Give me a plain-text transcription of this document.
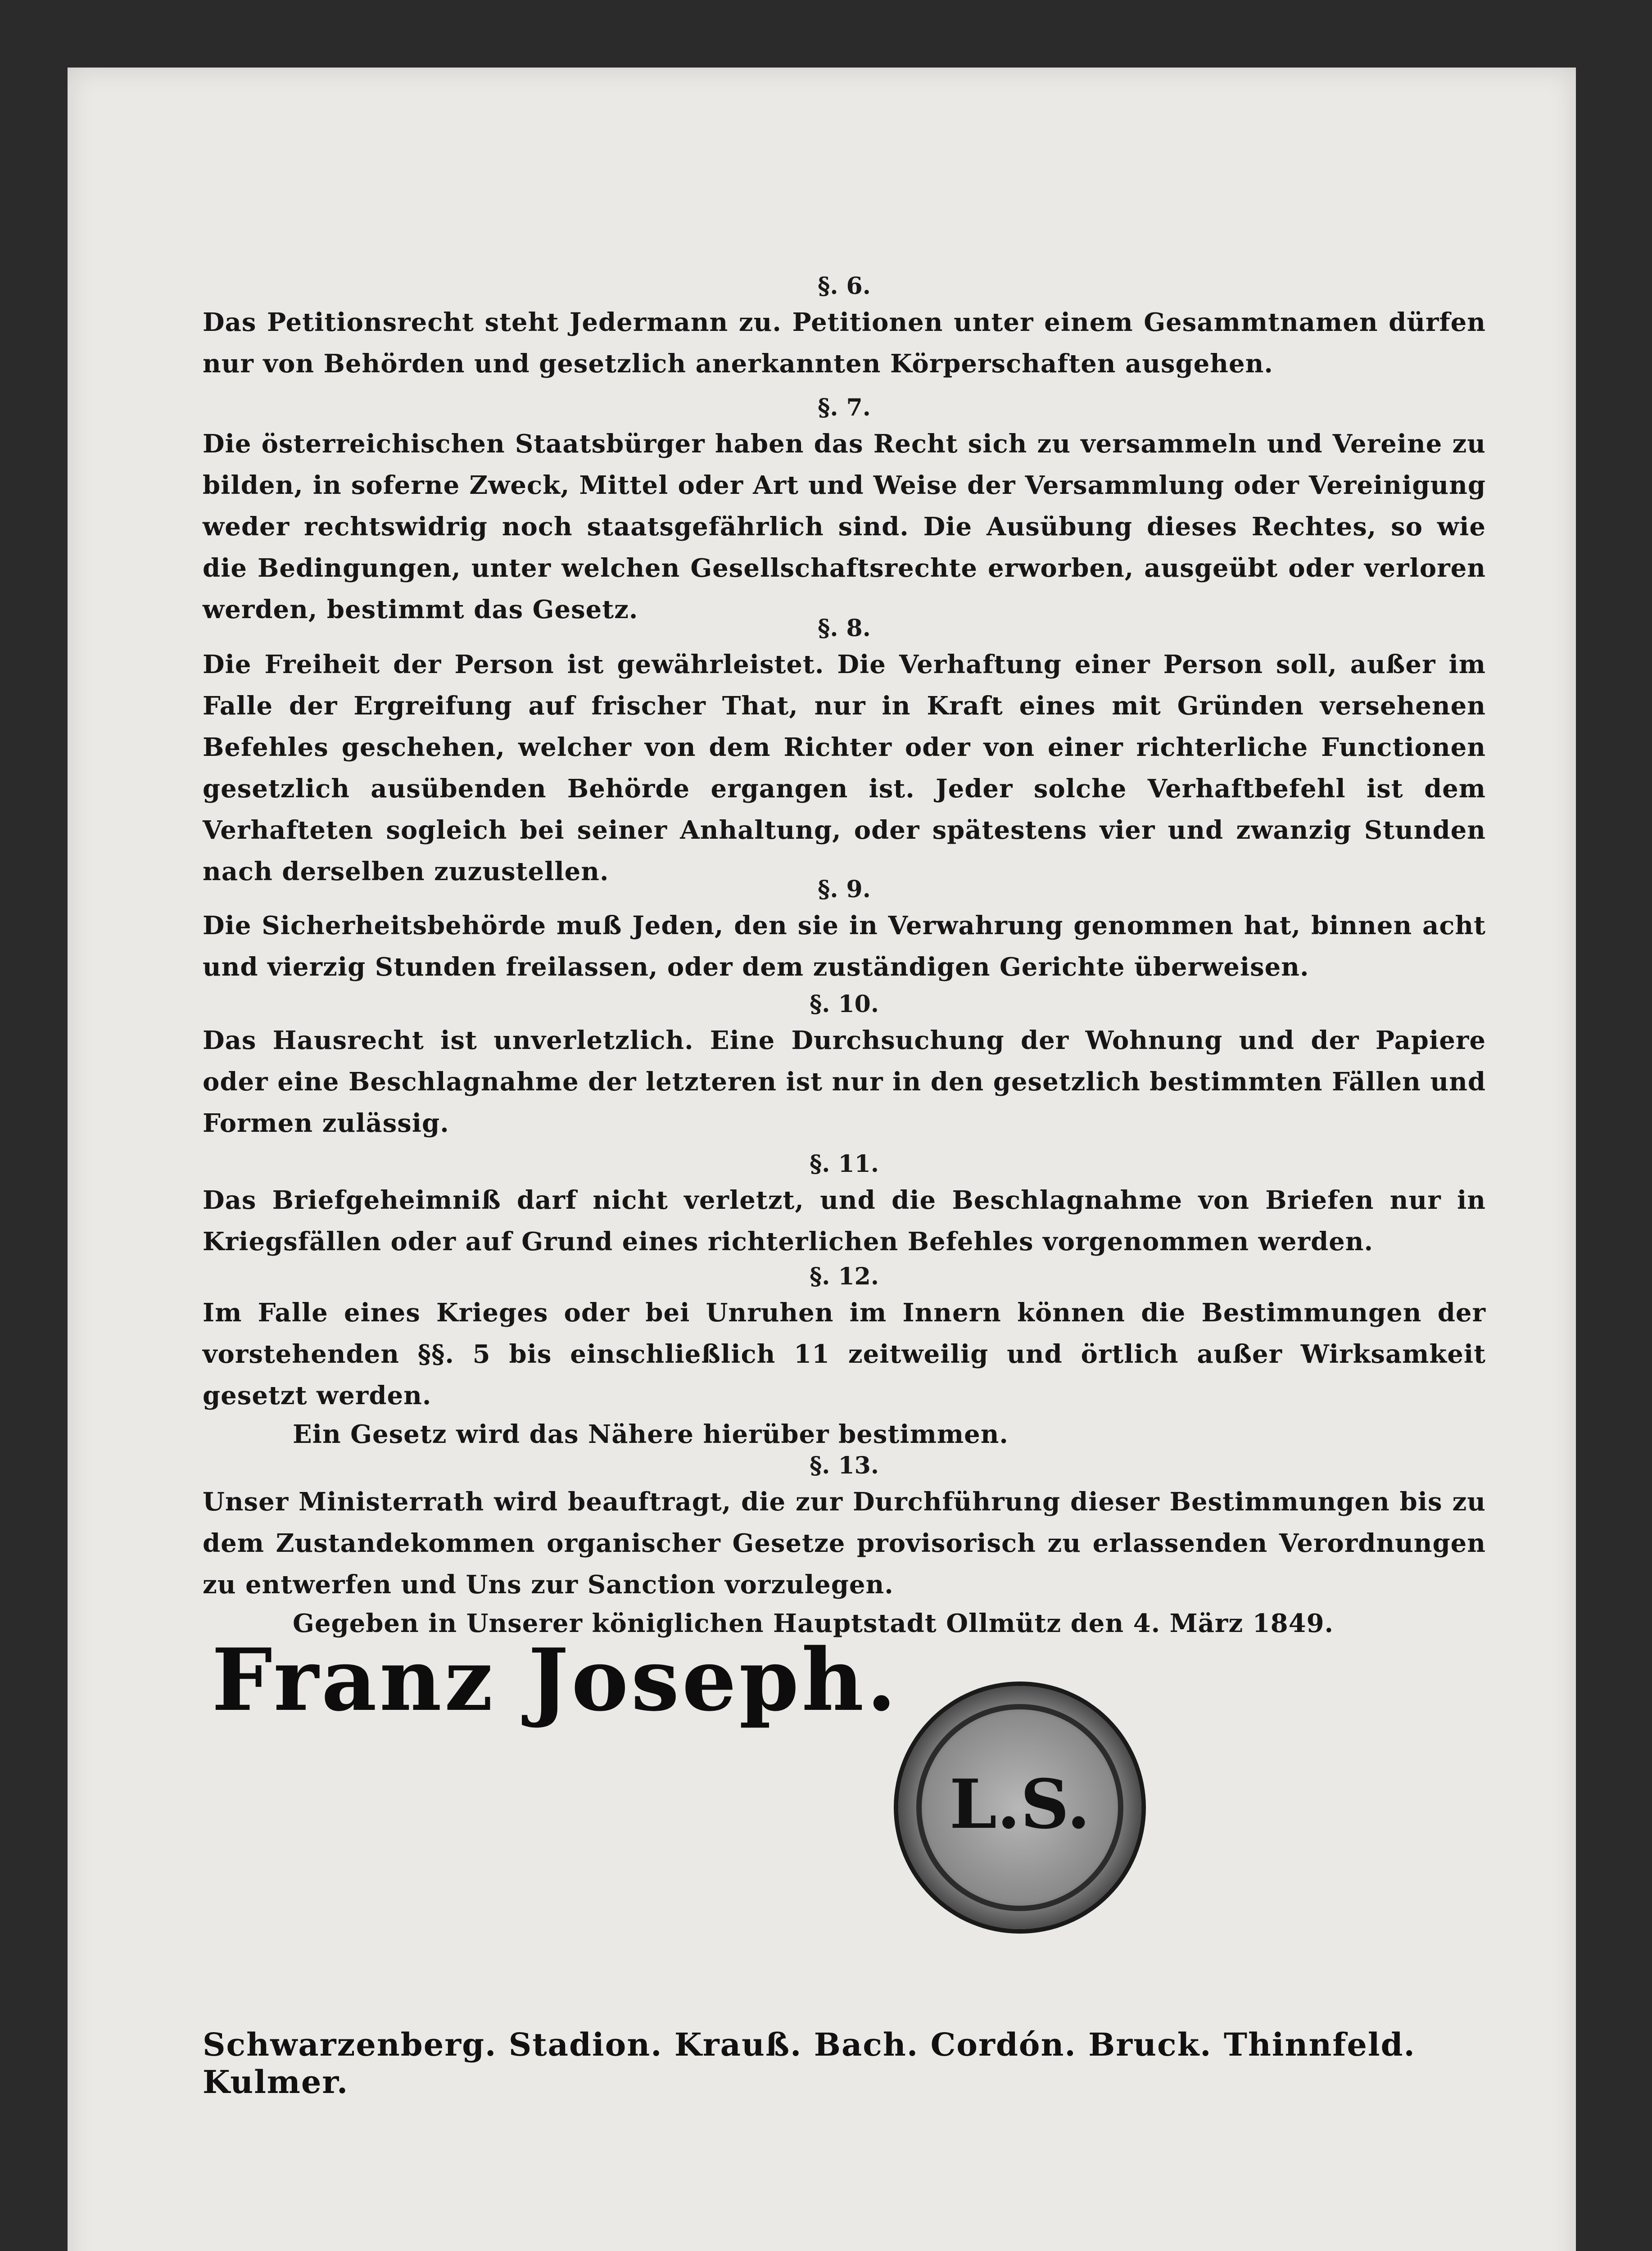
§. 6.
Das Petitionsrecht steht Jedermann zu. Petitionen unter einem Gesammtnamen dürfen nur von Behörden und gesetzlich anerkannten Körperschaften ausgehen.
§. 7.
Die österreichischen Staatsbürger haben das Recht sich zu versammeln und Vereine zu bilden, in soferne Zweck, Mittel oder Art und Weise der Versammlung oder Vereinigung weder rechtswidrig noch staatsgefährlich sind. Die Ausübung dieses Rechtes, so wie die Bedingungen, unter welchen Gesellschaftsrechte erworben, ausgeübt oder verloren werden, bestimmt das Gesetz.
§. 8.
Die Freiheit der Person ist gewährleistet. Die Verhaftung einer Person soll, außer im Falle der Ergreifung auf frischer That, nur in Kraft eines mit Gründen versehenen Befehles geschehen, welcher von dem Richter oder von einer richterliche Functionen gesetzlich ausübenden Behörde ergangen ist. Jeder solche Verhaftbefehl ist dem Verhafteten sogleich bei seiner Anhaltung, oder spätestens vier und zwanzig Stunden nach derselben zuzustellen.
§. 9.
Die Sicherheitsbehörde muß Jeden, den sie in Verwahrung genommen hat, binnen acht und vierzig Stunden freilassen, oder dem zuständigen Gerichte überweisen.
§. 10.
Das Hausrecht ist unverletzlich. Eine Durchsuchung der Wohnung und der Papiere oder eine Beschlagnahme der letzteren ist nur in den gesetzlich bestimmten Fällen und Formen zulässig.
§. 11.
Das Briefgeheimniß darf nicht verletzt, und die Beschlagnahme von Briefen nur in Kriegsfällen oder auf Grund eines richterlichen Befehles vorgenommen werden.
§. 12.
Im Falle eines Krieges oder bei Unruhen im Innern können die Bestimmungen der vorstehenden §§. 5 bis einschließlich 11 zeitweilig und örtlich außer Wirksamkeit gesetzt werden.
Ein Gesetz wird das Nähere hierüber bestimmen.
§. 13.
Unser Ministerrath wird beauftragt, die zur Durchführung dieser Bestimmungen bis zu dem Zustandekommen organischer Gesetze provisorisch zu erlassenden Verordnungen zu entwerfen und Uns zur Sanction vorzulegen.
Gegeben in Unserer königlichen Hauptstadt Ollmütz den 4. März 1849.
Franz Joseph.
L.S.
Schwarzenberg. Stadion. Krauß. Bach. Cordón. Bruck. Thinnfeld. Kulmer.
